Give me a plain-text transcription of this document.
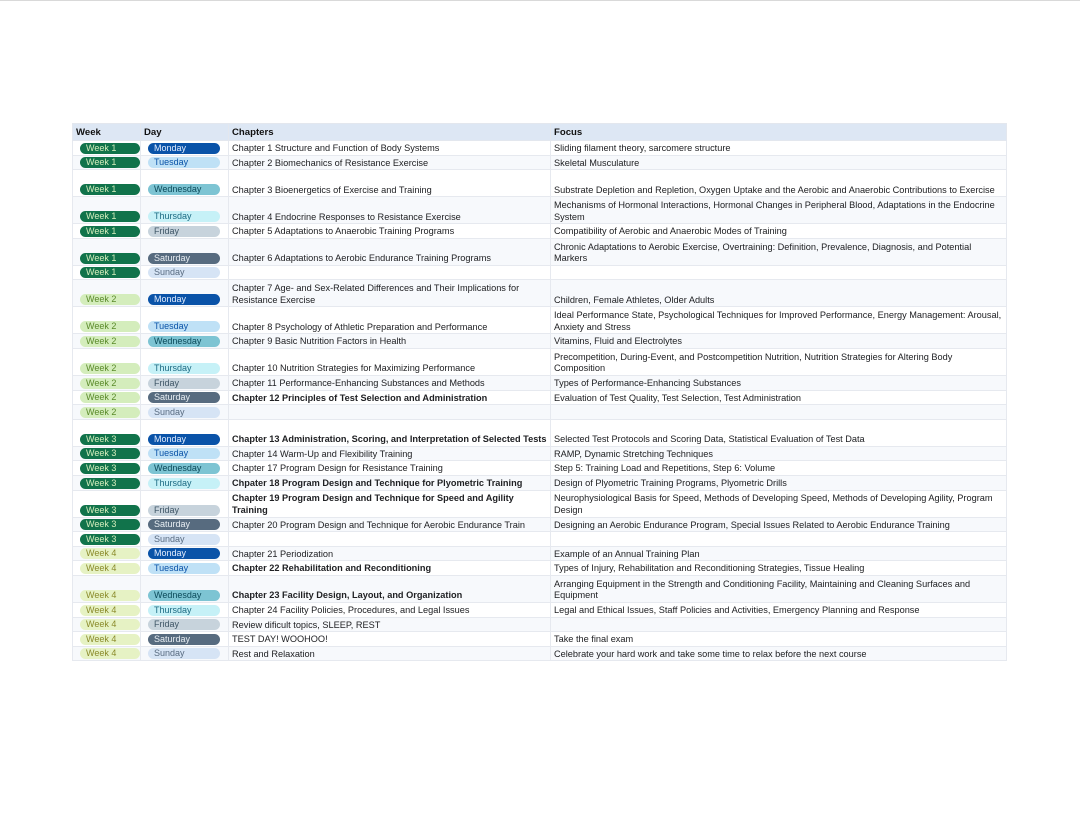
Week	Day	Chapters	Focus
Week 1	Monday	Chapter 1 Structure and Function of Body Systems	Sliding filament theory, sarcomere structure
Week 1	Tuesday	Chapter 2 Biomechanics of Resistance Exercise	Skeletal Musculature
Week 1	Wednesday	Chapter 3 Bioenergetics of Exercise and Training	Substrate Depletion and Repletion, Oxygen Uptake and the Aerobic and Anaerobic Contributions to Exercise
Week 1	Thursday	Chapter 4 Endocrine Responses to Resistance Exercise	Mechanisms of Hormonal Interactions, Hormonal Changes in Peripheral Blood, Adaptations in the Endocrine System
Week 1	Friday	Chapter 5 Adaptations to Anaerobic Training Programs	Compatibility of Aerobic and Anaerobic Modes of Training
Week 1	Saturday	Chapter 6 Adaptations to Aerobic Endurance Training Programs	Chronic Adaptations to Aerobic Exercise, Overtraining: Definition, Prevalence, Diagnosis, and Potential Markers
Week 1	Sunday		
Week 2	Monday	Chapter 7 Age- and Sex-Related Differences and Their Implications for Resistance Exercise	Children, Female Athletes, Older Adults
Week 2	Tuesday	Chapter 8 Psychology of Athletic Preparation and Performance	Ideal Performance State, Psychological Techniques for Improved Performance, Energy Management: Arousal, Anxiety and Stress
Week 2	Wednesday	Chapter 9 Basic Nutrition Factors in Health	Vitamins, Fluid and Electrolytes
Week 2	Thursday	Chapter 10 Nutrition Strategies for Maximizing Performance	Precompetition, During-Event, and Postcompetition Nutrition, Nutrition Strategies for Altering Body Composition
Week 2	Friday	Chapter 11 Performance-Enhancing Substances and Methods	Types of Performance-Enhancing Substances
Week 2	Saturday	Chapter 12 Principles of Test Selection and Administration	Evaluation of Test Quality, Test Selection, Test Administration
Week 2	Sunday		
Week 3	Monday	Chapter 13 Administration, Scoring, and Interpretation of Selected Tests	Selected Test Protocols and Scoring Data, Statistical Evaluation of Test Data
Week 3	Tuesday	Chapter 14 Warm-Up and Flexibility Training	RAMP, Dynamic Stretching Techniques
Week 3	Wednesday	Chapter 17 Program Design for Resistance Training	Step 5: Training Load and Repetitions, Step 6: Volume
Week 3	Thursday	Chpater 18 Program Design and Technique for Plyometric Training	Design of Plyometric Training Programs, Plyometric Drills
Week 3	Friday	Chapter 19 Program Design and Technique for Speed and Agility Training	Neurophysiological Basis for Speed, Methods of Developing Speed, Methods of Developing Agility, Program Design
Week 3	Saturday	Chapter 20 Program Design and Technique for Aerobic Endurance Train	Designing an Aerobic Endurance Program, Special Issues Related to Aerobic Endurance Training
Week 3	Sunday		
Week 4	Monday	Chapter 21 Periodization	Example of an Annual Training Plan
Week 4	Tuesday	Chapter 22 Rehabilitation and Reconditioning	Types of Injury, Rehabilitation and Reconditioning Strategies, Tissue Healing
Week 4	Wednesday	Chapter 23 Facility Design, Layout, and Organization	Arranging Equipment in the Strength and Conditioning Facility, Maintaining and Cleaning Surfaces and Equipment
Week 4	Thursday	Chapter 24 Facility Policies, Procedures, and Legal Issues	Legal and Ethical Issues, Staff Policies and Activities, Emergency Planning and Response
Week 4	Friday	Review dificult topics, SLEEP, REST	
Week 4	Saturday	TEST DAY! WOOHOO!	Take the final exam
Week 4	Sunday	Rest and Relaxation	Celebrate your hard work and take some time to relax before the next course
